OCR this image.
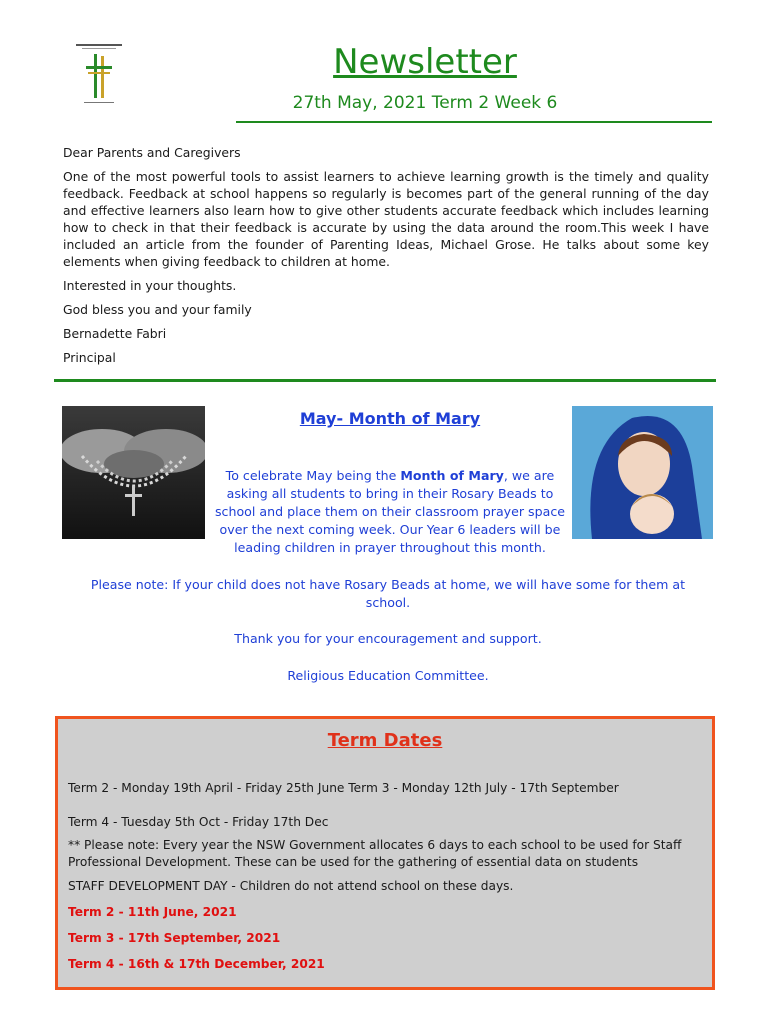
Newsletter
27th May, 2021 Term 2 Week 6

Dear Parents and Caregivers

One of the most powerful tools to assist learners to achieve learning growth is the timely and quality feedback. Feedback at school happens so regularly is becomes part of the general running of the day and effective learners also learn how to give other students accurate feedback which includes learning how to check in that their feedback is accurate by using the data around the room.This week I have included an article from the founder of Parenting Ideas, Michael Grose. He talks about some key elements when giving feedback to children at home.

Interested in your thoughts.

God bless you and your family

Bernadette Fabri

Principal

May- Month of Mary
To celebrate May being the Month of Mary, we are asking all students to bring in their Rosary Beads to school and place them on their classroom prayer space over the next coming week. Our Year 6 leaders will be leading children in prayer throughout this month.
Please note: If your child does not have Rosary Beads at home, we will have some for them at school.
Thank you for your encouragement and support.
Religious Education Committee.
Term Dates

Term 2 - Monday 19th April - Friday 25th June Term 3 - Monday 12th July - 17th September

Term 4 - Tuesday 5th Oct - Friday 17th Dec

** Please note: Every year the NSW Government allocates 6 days to each school to be used for Staff Professional Development. These can be used for the gathering of essential data on students

STAFF DEVELOPMENT DAY - Children do not attend school on these days.

Term 2 - 11th June, 2021

Term 3 - 17th September, 2021

Term 4 - 16th & 17th December, 2021
